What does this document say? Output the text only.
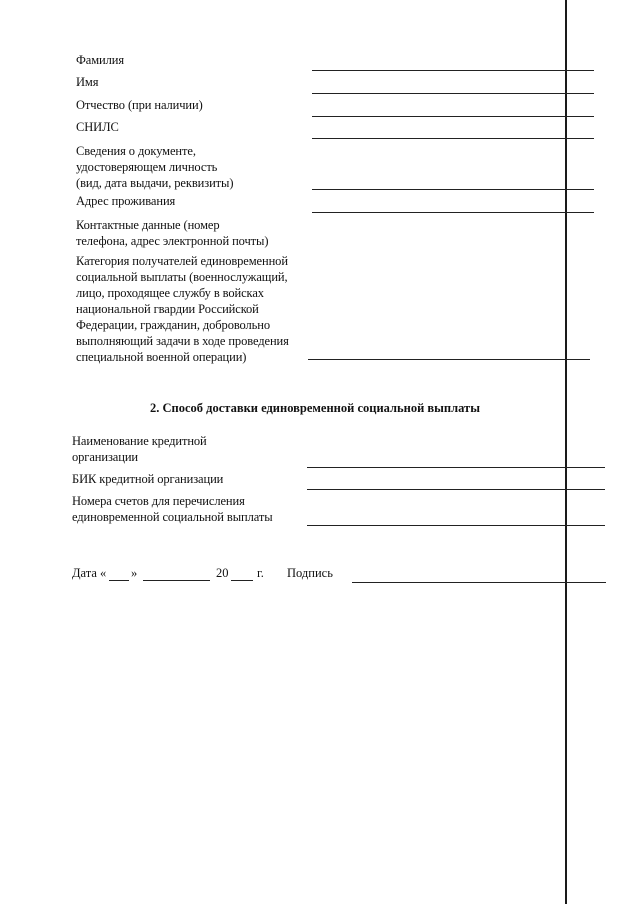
Фамилия
Имя
Отчество (при наличии)
СНИЛС
Сведения о документе,
удостоверяющем личность
(вид, дата выдачи, реквизиты)
Адрес проживания
Контактные данные (номер
телефона, адрес электронной почты)
Категория получателей единовременной
социальной выплаты (военнослужащий,
лицо, проходящее службу в войсках
национальной гвардии Российской
Федерации, гражданин, добровольно
выполняющий задачи в ходе проведения
специальной военной операции)
2. Способ доставки единовременной социальной выплаты
Наименование кредитной
организации
БИК кредитной организации
Номера счетов для перечисления
единовременной социальной выплаты
Дата « »	20 г. Подпись
